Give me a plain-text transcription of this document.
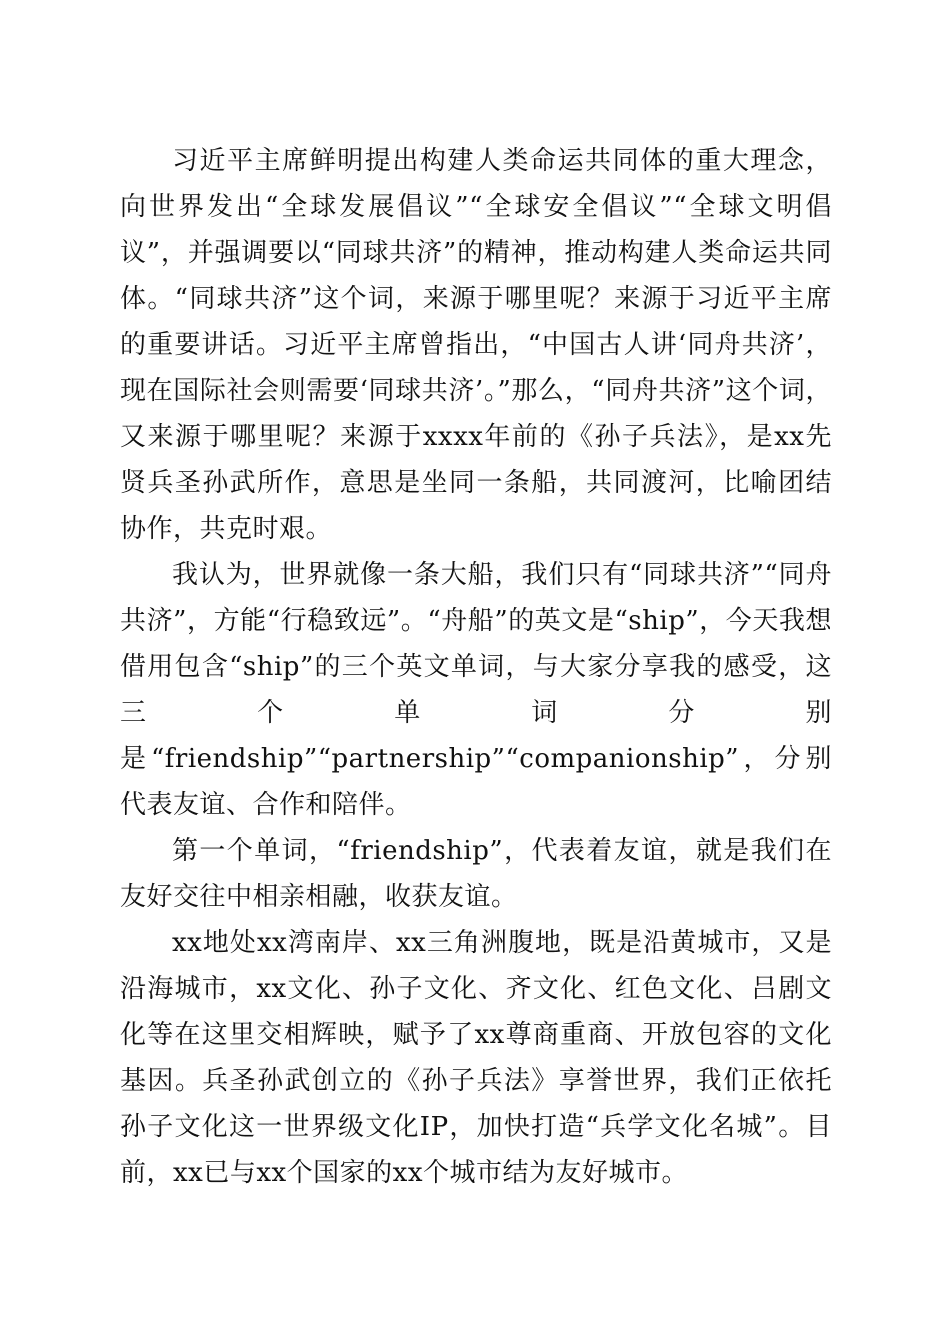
习近平主席鲜明提出构建人类命运共同体的重大理念，向世界发出“全球发展倡议”“全球安全倡议”“全球文明倡议”，并强调要以“同球共济”的精神，推动构建人类命运共同体。“同球共济”这个词，来源于哪里呢？来源于习近平主席的重要讲话。习近平主席曾指出，“中国古人讲‘同舟共济’，现在国际社会则需要‘同球共济’。”那么，“同舟共济”这个词，又来源于哪里呢？来源于xxxx年前的《孙子兵法》，是xx先贤兵圣孙武所作，意思是坐同一条船，共同渡河，比喻团结协作，共克时艰。

我认为，世界就像一条大船，我们只有“同球共济”“同舟共济”，方能“行稳致远”。“舟船”的英文是“ship”，今天我想借用包含“ship”的三个英文单词，与大家分享我的感受，这三个单词分别是“friendship”“partnership”“companionship”，分别代表友谊、合作和陪伴。

第一个单词，“friendship”，代表着友谊，就是我们在友好交往中相亲相融，收获友谊。

xx地处xx湾南岸、xx三角洲腹地，既是沿黄城市，又是沿海城市，xx文化、孙子文化、齐文化、红色文化、吕剧文化等在这里交相辉映，赋予了xx尊商重商、开放包容的文化基因。兵圣孙武创立的《孙子兵法》享誉世界，我们正依托孙子文化这一世界级文化IP，加快打造“兵学文化名城”。目前，xx已与xx个国家的xx个城市结为友好城市。
